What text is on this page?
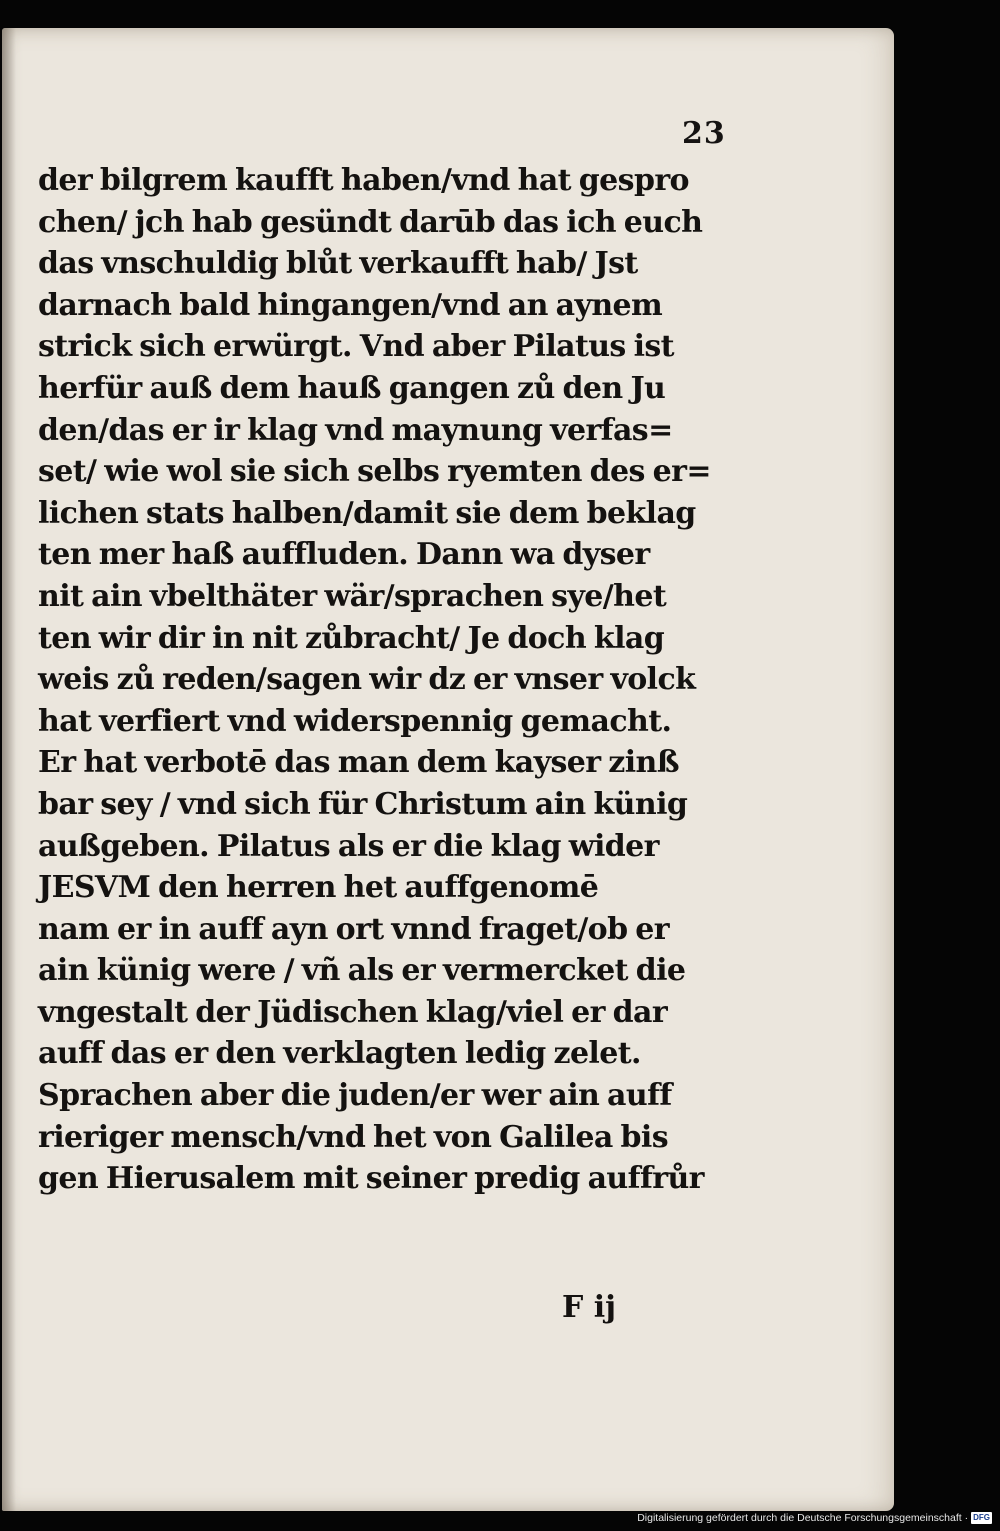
23
der bilgrem kaufft haben/vnd hat gespro
chen/ jch hab gesündt darūb das ich euch
das vnschuldig blůt verkaufft hab/ Jst
darnach bald hingangen/vnd an aynem
strick sich erwürgt. Vnd aber Pilatus ist
herfür auß dem hauß gangen zů den Ju
den/das er ir klag vnd maynung verfas=
set/ wie wol sie sich selbs ryemten des er=
lichen stats halben/damit sie dem beklag
ten mer haß auffluden. Dann wa dyser
nit ain vbelthäter wär/sprachen sye/het
ten wir dir in nit zůbracht/ Je doch klag
weis zů reden/sagen wir dz er vnser volck
hat verfiert vnd widerspennig gemacht.
Er hat verbotē das man dem kayser zinß
bar sey / vnd sich für Christum ain künig
außgeben. Pilatus als er die klag wider
JESVM den herren het auffgenomē
nam er in auff ayn ort vnnd fraget/ob er
ain künig were / vñ als er vermercket die
vngestalt der Jüdischen klag/viel er dar
auff das er den verklagten ledig zelet.
Sprachen aber die juden/er wer ain auff
rieriger mensch/vnd het von Galilea bis
gen Hierusalem mit seiner predig auffrůr
F ij
Digitalisierung gefördert durch die Deutsche Forschungsgemeinschaft · DFG
